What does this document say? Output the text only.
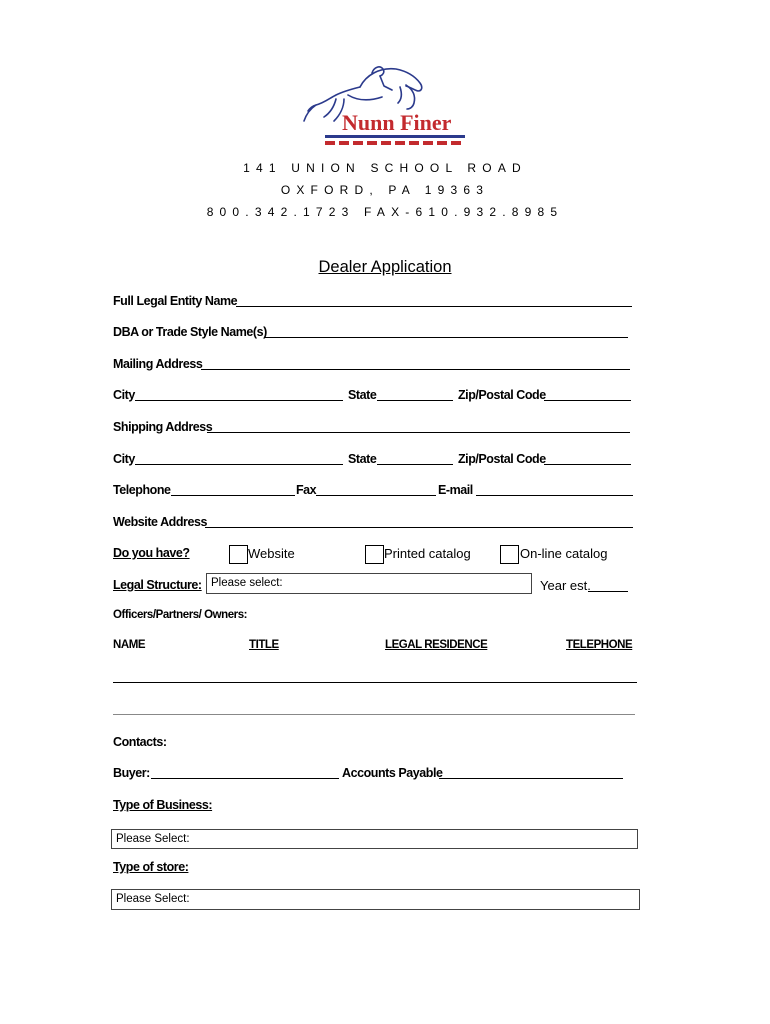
Nunn Finer
141 UNION SCHOOL ROAD
OXFORD, PA 19363
800.342.1723 FAX-610.932.8985
Dealer Application
Full Legal Entity Name
DBA or Trade Style Name(s)
Mailing Address
City	State	Zip/Postal Code
Shipping Address
City	State	Zip/Postal Code
Telephone	Fax	E-mail
Website Address
Do you have?	Website	Printed catalog	On-line catalog
Legal Structure: Please select:	Year est.
Officers/Partners/ Owners:
NAME	TITLE	LEGAL RESIDENCE	TELEPHONE
Contacts:
Buyer:	Accounts Payable
Type of Business:
Please Select:
Type of store:
Please Select:
